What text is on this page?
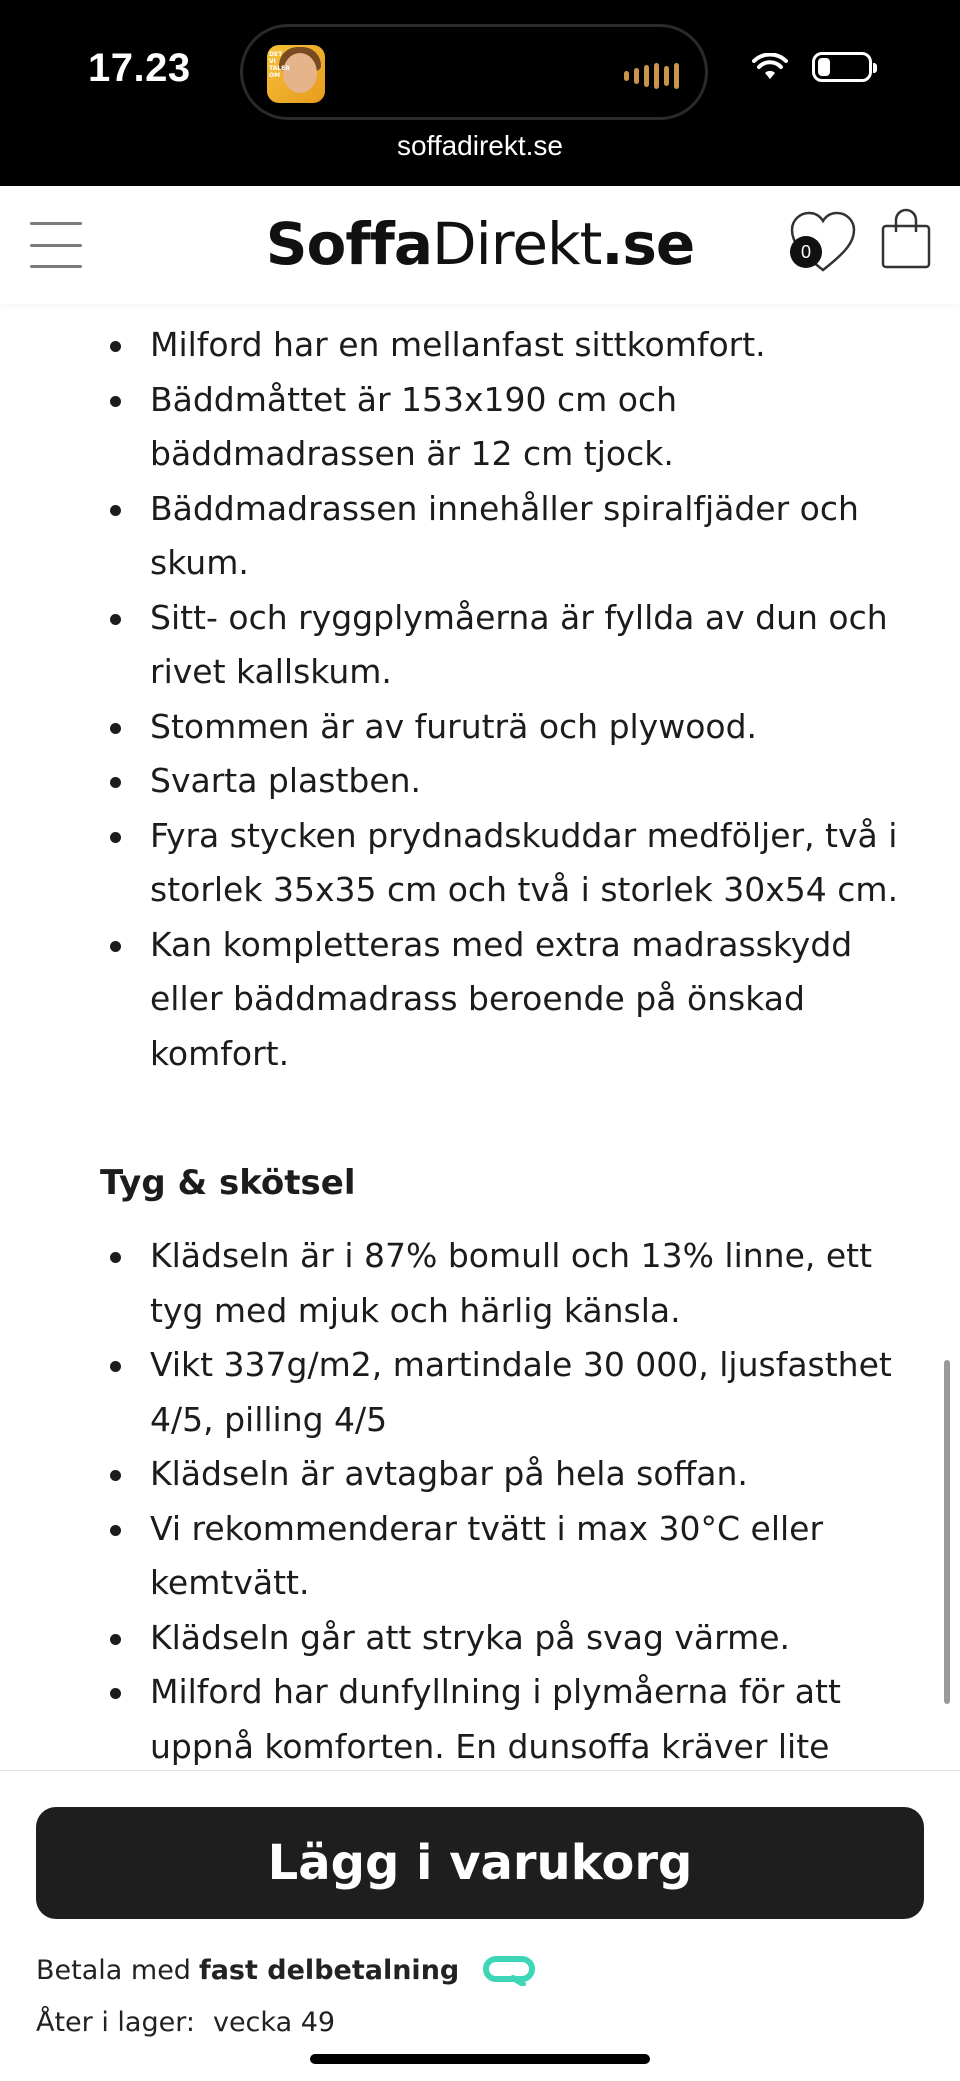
17.23	DET VI TALER OM
soffadirekt.se
SoffaDirekt.se	0
Milford har en mellanfast sittkomfort.
Bäddmåttet är 153x190 cm och bäddmadrassen är 12 cm tjock.
Bäddmadrassen innehåller spiralfjäder och skum.
Sitt- och ryggplymåerna är fyllda av dun och rivet kallskum.
Stommen är av furuträ och plywood.
Svarta plastben.
Fyra stycken prydnadskuddar medföljer, två i storlek 35x35 cm och två i storlek 30x54 cm.
Kan kompletteras med extra madrasskydd eller bäddmadrass beroende på önskad komfort.
Tyg & skötsel
Klädseln är i 87% bomull och 13% linne, ett tyg med mjuk och härlig känsla.
Vikt 337g/m2, martindale 30 000, ljusfasthet 4/5, pilling 4/5
Klädseln är avtagbar på hela soffan.
Vi rekommenderar tvätt i max 30°C eller kemtvätt.
Klädseln går att stryka på svag värme.
Milford har dunfyllning i plymåerna för att uppnå komforten. En dunsoffa kräver lite
Lägg i varukorg
Betala med fast delbetalning
Åter i lager: vecka 49
